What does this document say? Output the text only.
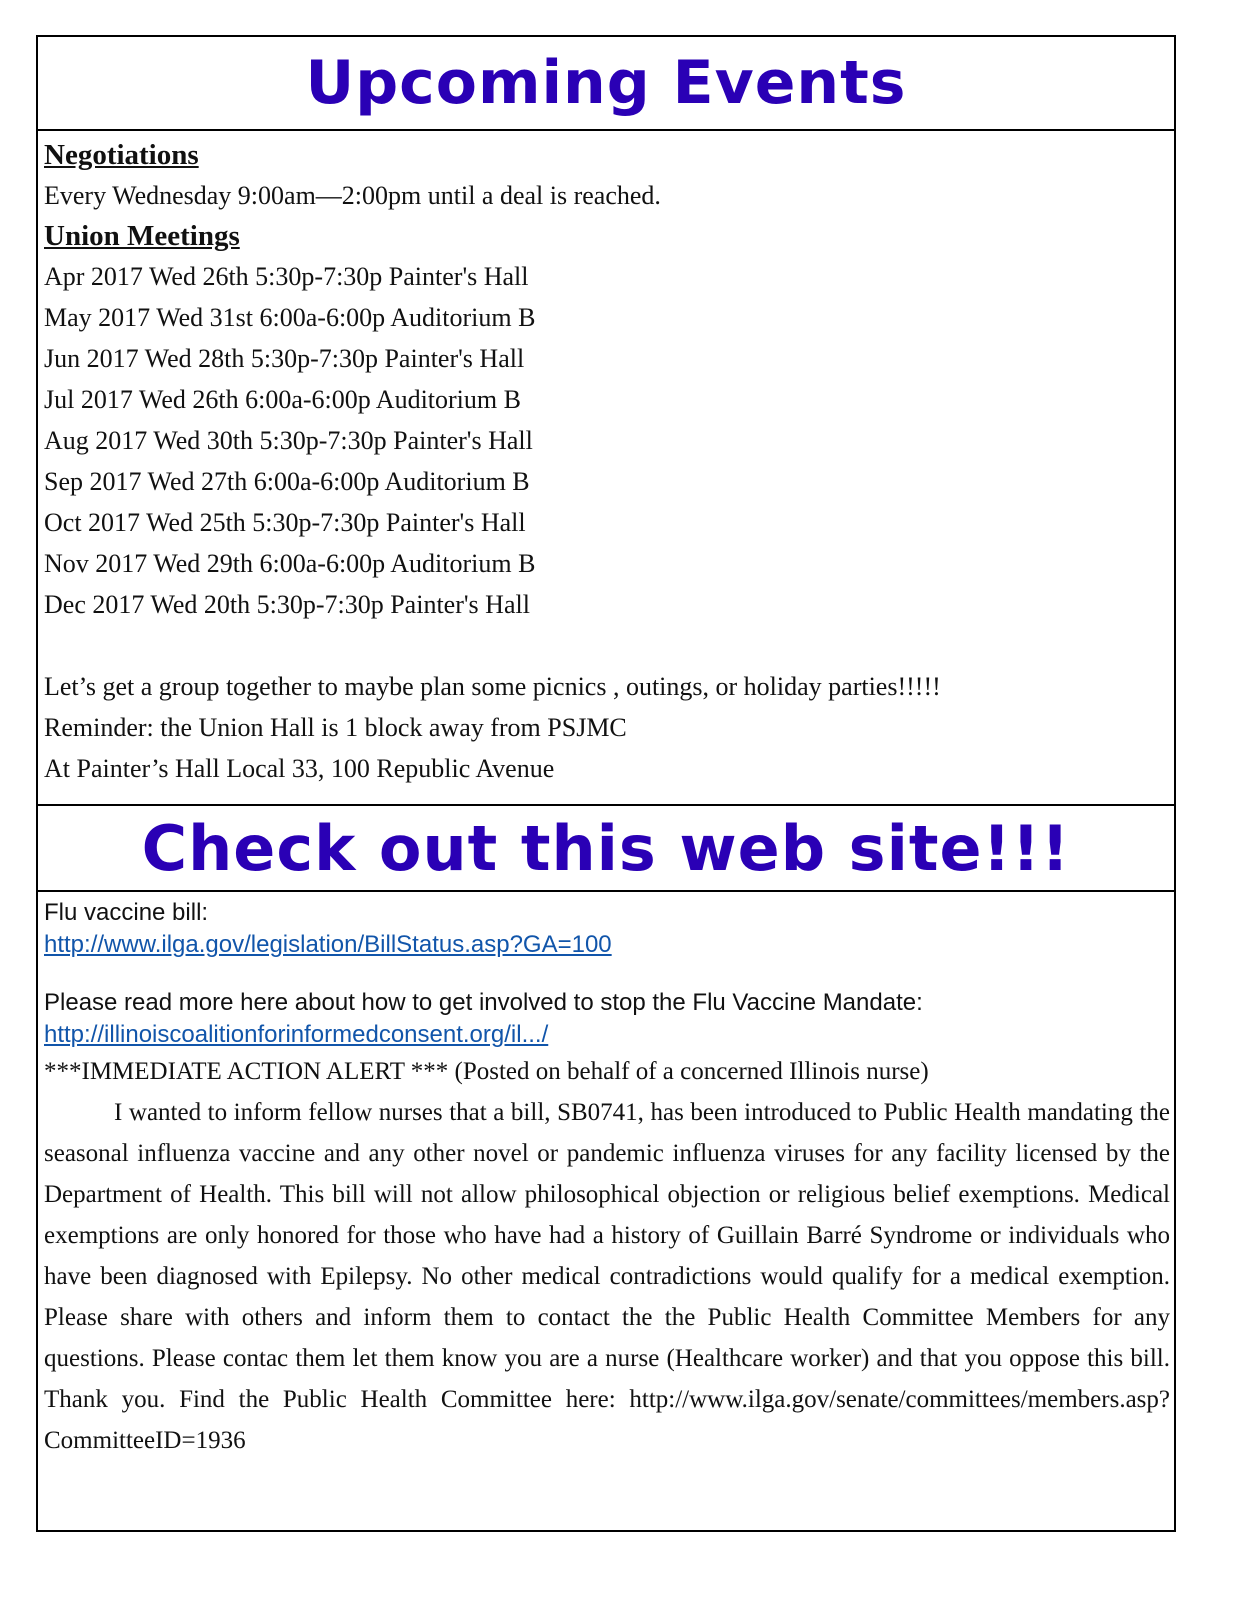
Upcoming Events

Negotiations

Every Wednesday 9:00am—2:00pm until a deal is reached.

Union Meetings

Apr 2017 Wed 26th 5:30p-7:30p Painter's Hall

May 2017 Wed 31st 6:00a-6:00p Auditorium B

Jun 2017 Wed 28th 5:30p-7:30p Painter's Hall

Jul 2017 Wed 26th 6:00a-6:00p Auditorium B

Aug 2017 Wed 30th 5:30p-7:30p Painter's Hall

Sep 2017 Wed 27th 6:00a-6:00p Auditorium B

Oct 2017 Wed 25th 5:30p-7:30p Painter's Hall

Nov 2017 Wed 29th 6:00a-6:00p Auditorium B

Dec 2017 Wed 20th 5:30p-7:30p Painter's Hall

Let’s get a group together to maybe plan some picnics , outings, or holiday parties!!!!!

Reminder: the Union Hall is 1 block away from PSJMC

At Painter’s Hall Local 33, 100 Republic Avenue

Check out this web site!!!

Flu vaccine bill:

http://www.ilga.gov/legislation/BillStatus.asp?GA=100

Please read more here about how to get involved to stop the Flu Vaccine Mandate:

http://illinoiscoalitionforinformedconsent.org/il.../

***IMMEDIATE ACTION ALERT *** (Posted on behalf of a concerned Illinois nurse)

I wanted to inform fellow nurses that a bill, SB0741, has been introduced to Public Health mandating the seasonal influenza vaccine and any other novel or pandemic influenza viruses for any facility licensed by the Department of Health. This bill will not allow philosophical objection or religious belief exemptions. Medical exemptions are only honored for those who have had a history of Guillain Barré Syndrome or individuals who have been diagnosed with Epilepsy. No other medical contradictions would qualify for a medical exemption. Please share with others and inform them to contact the the Public Health Committee Members for any questions. Please contac them let them know you are a nurse (Healthcare worker) and that you oppose this bill. Thank you. Find the Public Health Committee here: http://www.ilga.gov/senate/committees/members.asp?CommitteeID=1936
